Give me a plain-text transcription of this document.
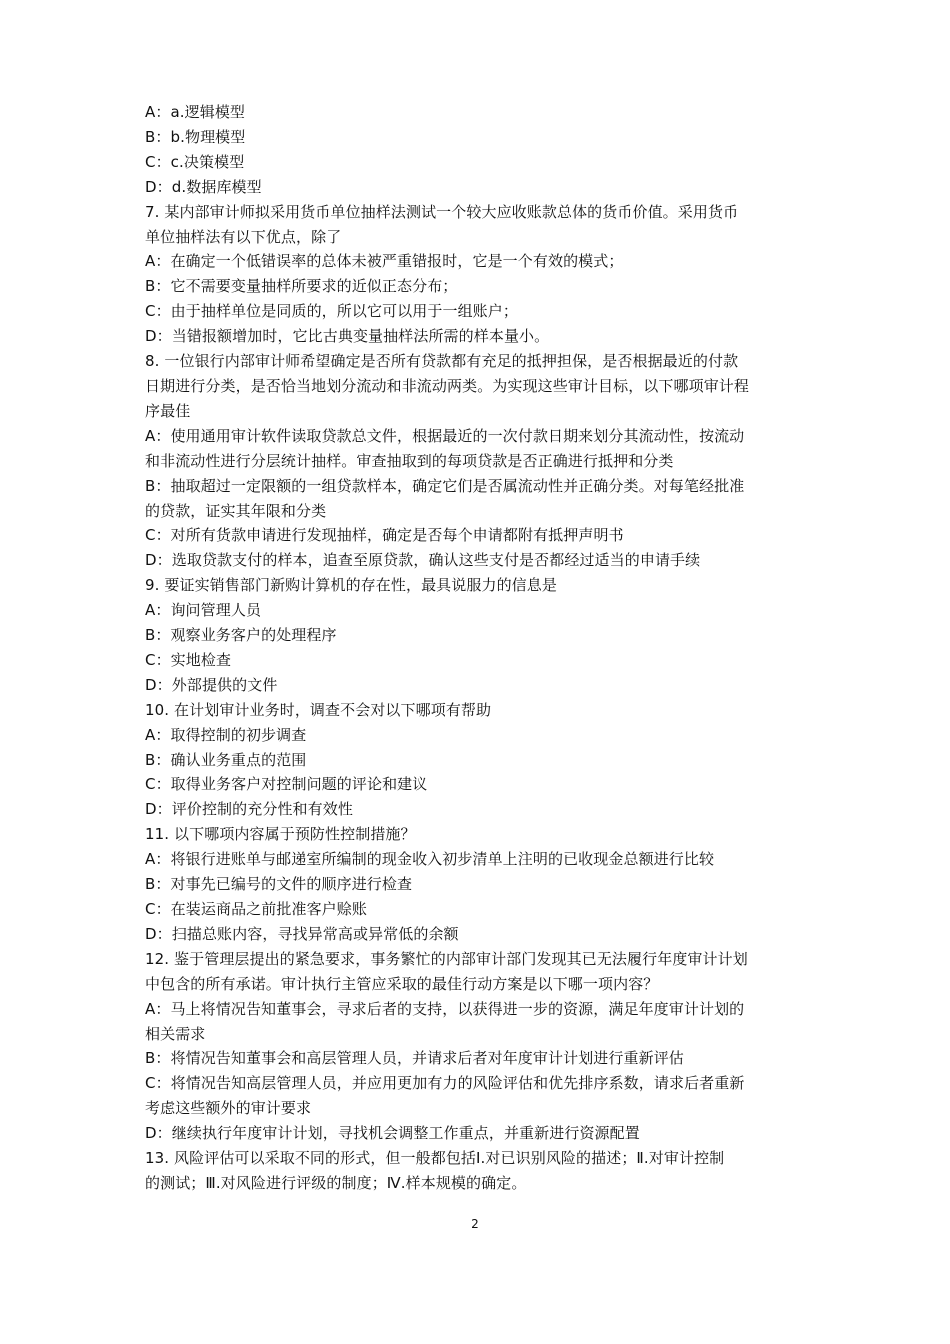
A：a.逻辑模型
B：b.物理模型
C：c.决策模型
D：d.数据库模型
7. 某内部审计师拟采用货币单位抽样法测试一个较大应收账款总体的货币价值。采用货币
单位抽样法有以下优点，除了
A：在确定一个低错误率的总体未被严重错报时，它是一个有效的模式；
B：它不需要变量抽样所要求的近似正态分布；
C：由于抽样单位是同质的，所以它可以用于一组账户；
D：当错报额增加时，它比古典变量抽样法所需的样本量小。
8. 一位银行内部审计师希望确定是否所有贷款都有充足的抵押担保，是否根据最近的付款
日期进行分类，是否恰当地划分流动和非流动两类。为实现这些审计目标，以下哪项审计程
序最佳
A：使用通用审计软件读取贷款总文件，根据最近的一次付款日期来划分其流动性，按流动
和非流动性进行分层统计抽样。审查抽取到的每项贷款是否正确进行抵押和分类
B：抽取超过一定限额的一组贷款样本，确定它们是否属流动性并正确分类。对每笔经批准
的贷款，证实其年限和分类
C：对所有货款申请进行发现抽样，确定是否每个申请都附有抵押声明书
D：选取贷款支付的样本，追查至原贷款，确认这些支付是否都经过适当的申请手续
9. 要证实销售部门新购计算机的存在性，最具说服力的信息是
A：询问管理人员
B：观察业务客户的处理程序
C：实地检查
D：外部提供的文件
10. 在计划审计业务时，调查不会对以下哪项有帮助
A：取得控制的初步调查
B：确认业务重点的范围
C：取得业务客户对控制问题的评论和建议
D：评价控制的充分性和有效性
11. 以下哪项内容属于预防性控制措施？
A：将银行进账单与邮递室所编制的现金收入初步清单上注明的已收现金总额进行比较
B：对事先已编号的文件的顺序进行检查
C：在装运商品之前批准客户赊账
D：扫描总账内容，寻找异常高或异常低的余额
12. 鉴于管理层提出的紧急要求，事务繁忙的内部审计部门发现其已无法履行年度审计计划
中包含的所有承诺。审计执行主管应采取的最佳行动方案是以下哪一项内容？
A：马上将情况告知董事会，寻求后者的支持，以获得进一步的资源，满足年度审计计划的
相关需求
B：将情况告知董事会和高层管理人员，并请求后者对年度审计计划进行重新评估
C：将情况告知高层管理人员，并应用更加有力的风险评估和优先排序系数，请求后者重新
考虑这些额外的审计要求
D：继续执行年度审计计划，寻找机会调整工作重点，并重新进行资源配置
13. 风险评估可以采取不同的形式，但一般都包括Ⅰ.对已识别风险的描述；Ⅱ.对审计控制
的测试；Ⅲ.对风险进行评级的制度；Ⅳ.样本规模的确定。
2
